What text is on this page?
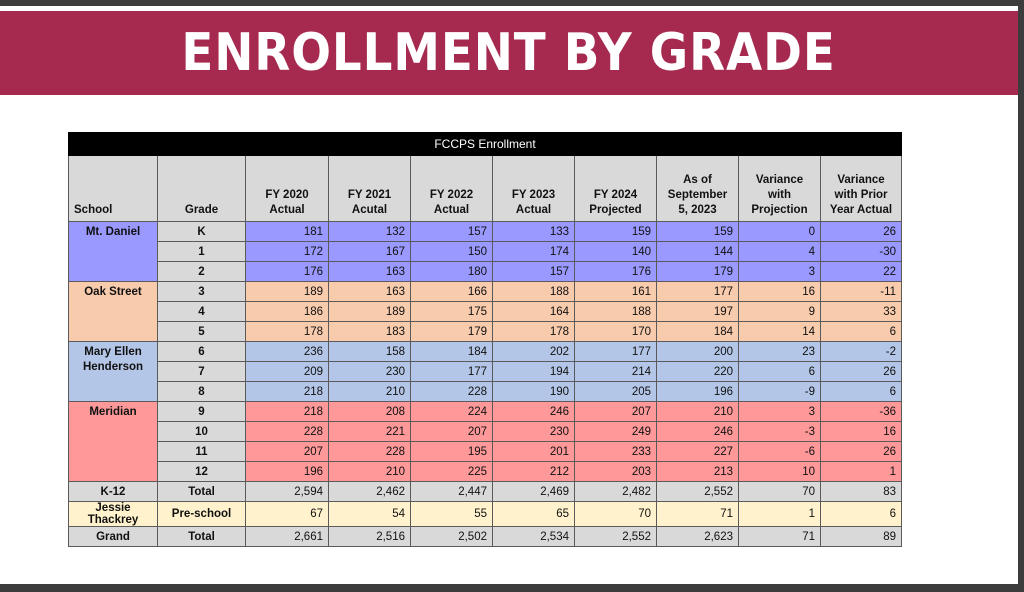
ENROLLMENT BY GRADE
FCCPS Enrollment									
School	Grade	FY 2020 Actual	FY 2021 Acutal	FY 2022 Actual	FY 2023 Actual	FY 2024 Projected	As of September 5, 2023	Variance with Projection	Variance with Prior Year Actual
Mt. Daniel	K	181	132	157	133	159	159	0	26
	1	172	167	150	174	140	144	4	-30
	2	176	163	180	157	176	179	3	22
Oak Street	3	189	163	166	188	161	177	16	-11
	4	186	189	175	164	188	197	9	33
	5	178	183	179	178	170	184	14	6
Mary Ellen Henderson	6	236	158	184	202	177	200	23	-2
	7	209	230	177	194	214	220	6	26
	8	218	210	228	190	205	196	-9	6
Meridian	9	218	208	224	246	207	210	3	-36
	10	228	221	207	230	249	246	-3	16
	11	207	228	195	201	233	227	-6	26
	12	196	210	225	212	203	213	10	1
K-12	Total	2,594	2,462	2,447	2,469	2,482	2,552	70	83
Jessie Thackrey	Pre-school	67	54	55	65	70	71	1	6
Grand	Total	2,661	2,516	2,502	2,534	2,552	2,623	71	89
